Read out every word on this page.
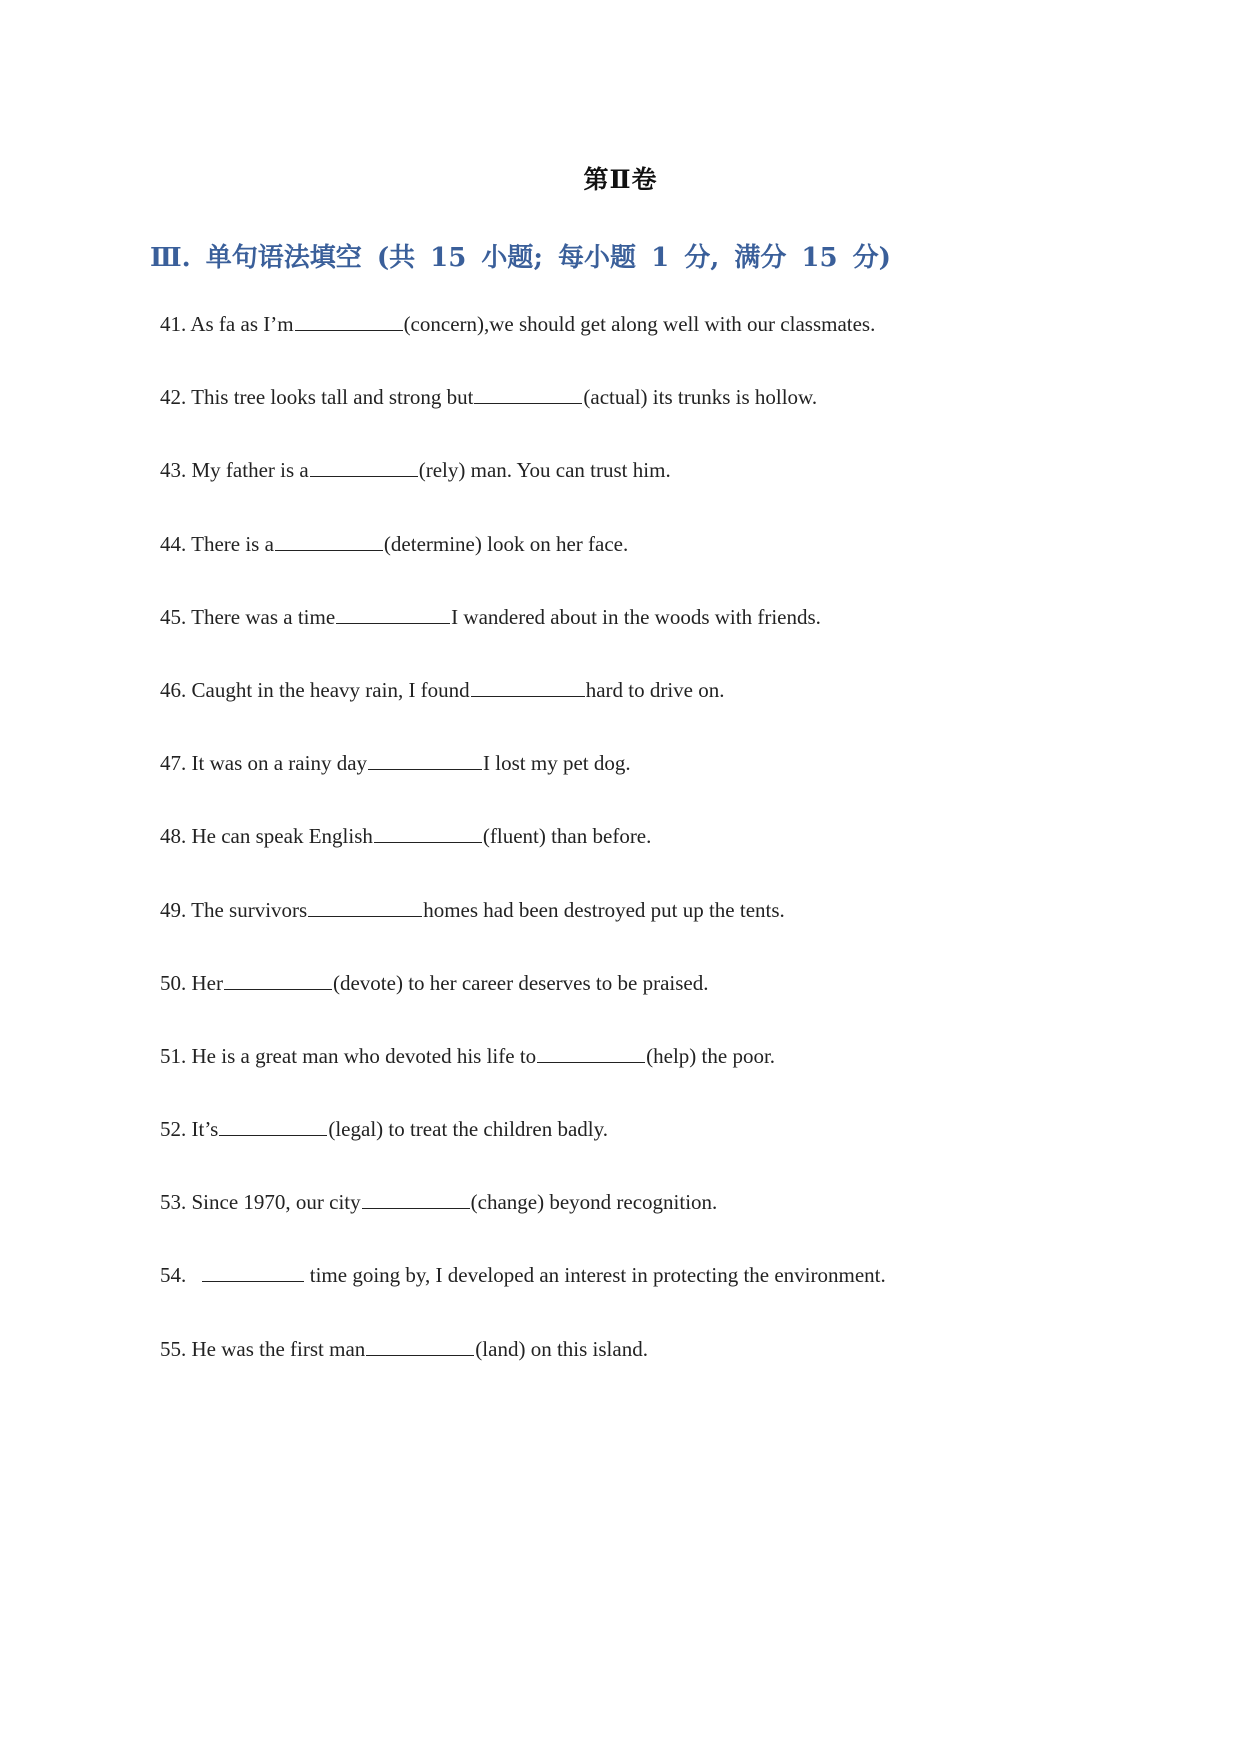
第Ⅱ卷
Ⅲ. 单句语法填空 (共 15 小题; 每小题 1 分, 满分 15 分)
41. As fa as I’m	(concern),we should get along well with our classmates.
42. This tree looks tall and strong but	(actual) its trunks is hollow.
43. My father is a	(rely) man. You can trust him.
44. There is a	(determine) look on her face.
45. There was a time	I wandered about in the woods with friends.
46. Caught in the heavy rain, I found	hard to drive on.
47. It was on a rainy day	I lost my pet dog.
48. He can speak English	(fluent) than before.
49. The survivors	homes had been destroyed put up the tents.
50. Her	(devote) to her career deserves to be praised.
51. He is a great man who devoted his life to	(help) the poor.
52. It’s	(legal) to treat the children badly.
53. Since 1970, our city	(change) beyond recognition.
54.	time going by, I developed an interest in protecting the environment.
55. He was the first man	(land) on this island.
